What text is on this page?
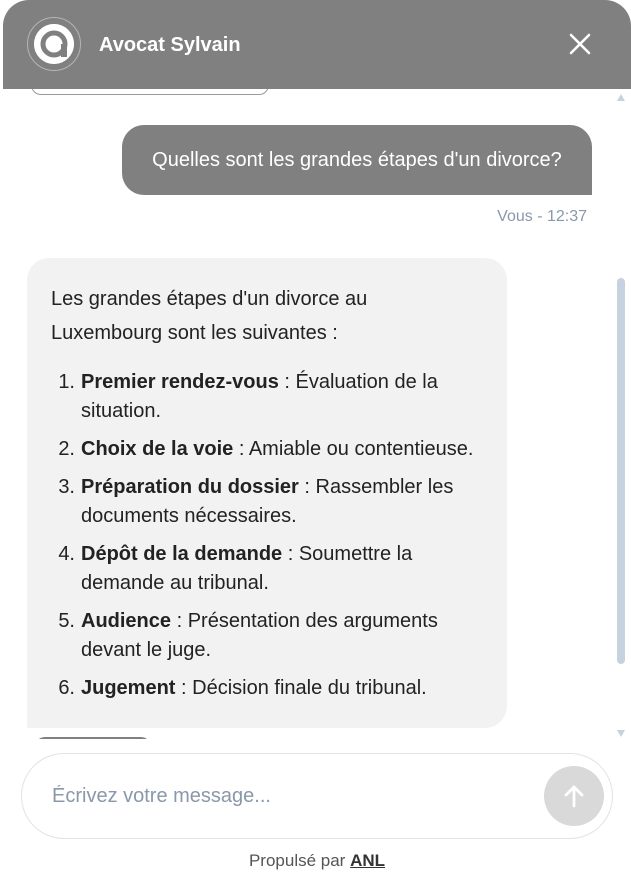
Avocat Sylvain
Quelles sont les grandes étapes d'un divorce?
Vous - 12:37
Les grandes étapes d'un divorce au Luxembourg sont les suivantes :
1. Premier rendez-vous : Évaluation de la situation.
2. Choix de la voie : Amiable ou contentieuse.
3. Préparation du dossier : Rassembler les documents nécessaires.
4. Dépôt de la demande : Soumettre la demande au tribunal.
5. Audience : Présentation des arguments devant le juge.
6. Jugement : Décision finale du tribunal.
Écrivez votre message...
Propulsé par ANL
